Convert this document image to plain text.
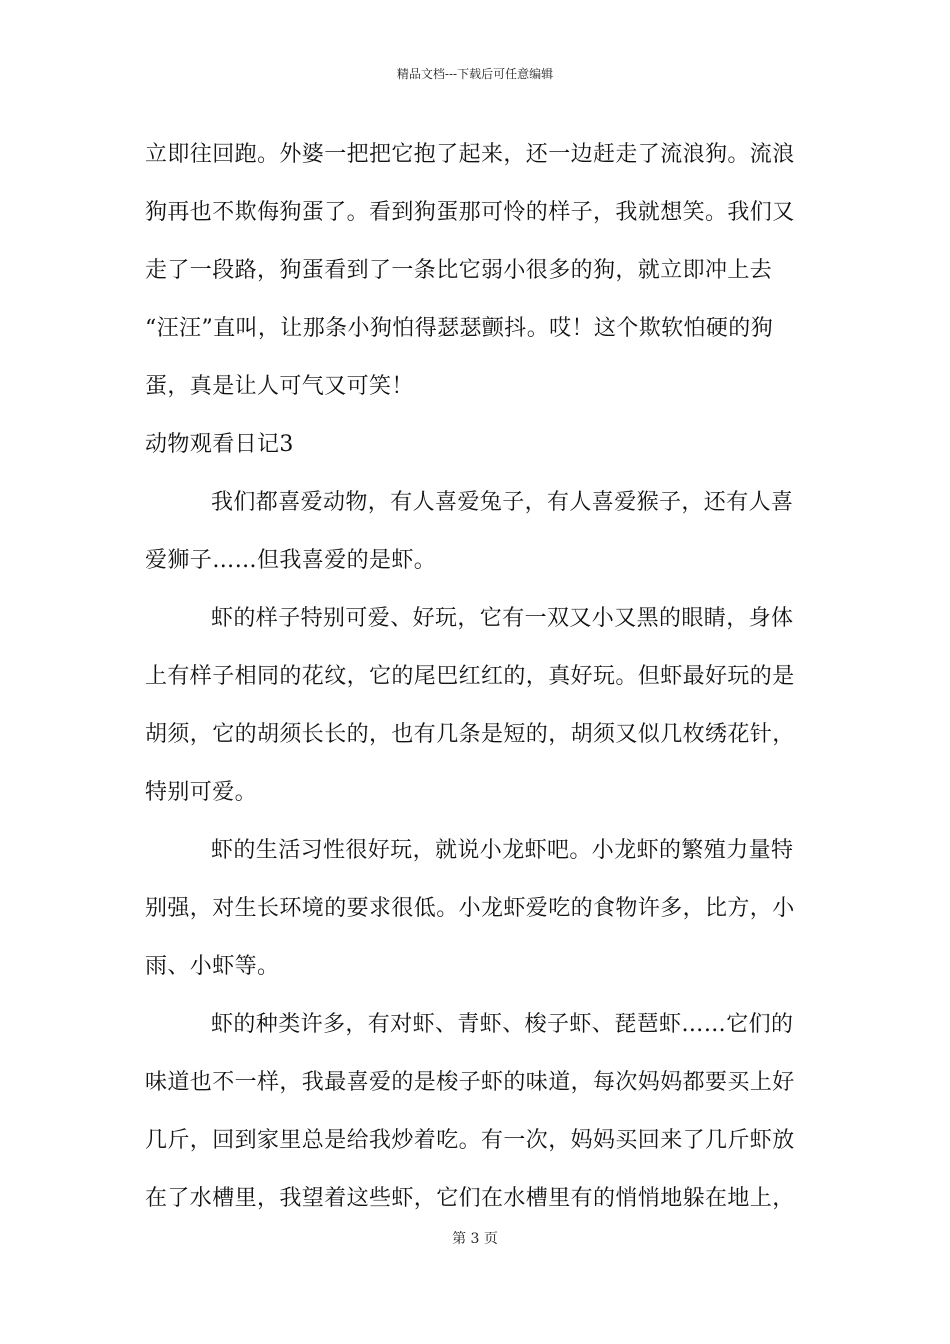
精品文档---下载后可任意编辑
立即往回跑。外婆一把把它抱了起来，还一边赶走了流浪狗。流浪
狗再也不欺侮狗蛋了。看到狗蛋那可怜的样子，我就想笑。我们又
走了一段路，狗蛋看到了一条比它弱小很多的狗，就立即冲上去
“汪汪”直叫，让那条小狗怕得瑟瑟颤抖。哎！这个欺软怕硬的狗
蛋，真是让人可气又可笑！
动物观看日记3
我们都喜爱动物，有人喜爱兔子，有人喜爱猴子，还有人喜
爱狮子……但我喜爱的是虾。
虾的样子特别可爱、好玩，它有一双又小又黑的眼睛，身体
上有样子相同的花纹，它的尾巴红红的，真好玩。但虾最好玩的是
胡须，它的胡须长长的，也有几条是短的，胡须又似几枚绣花针，
特别可爱。
虾的生活习性很好玩，就说小龙虾吧。小龙虾的繁殖力量特
别强，对生长环境的要求很低。小龙虾爱吃的食物许多，比方，小
雨、小虾等。
虾的种类许多，有对虾、青虾、梭子虾、琵琶虾……它们的
味道也不一样，我最喜爱的是梭子虾的味道，每次妈妈都要买上好
几斤，回到家里总是给我炒着吃。有一次，妈妈买回来了几斤虾放
在了水槽里，我望着这些虾，它们在水槽里有的悄悄地躲在地上，
第 3 页
